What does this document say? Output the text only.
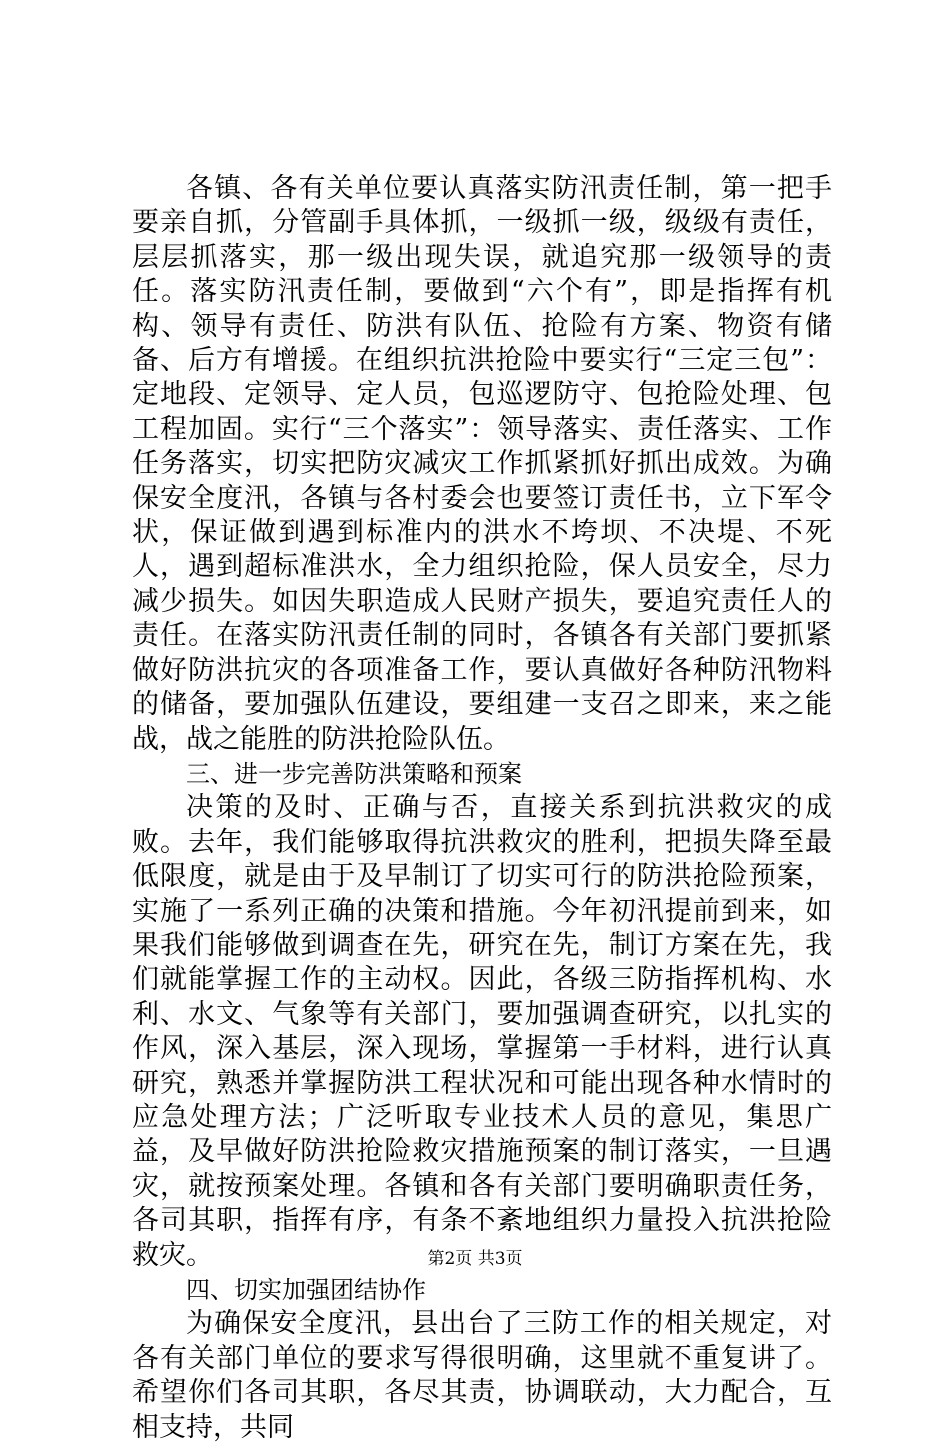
各镇、各有关单位要认真落实防汛责任制，第一把手要亲自抓，分管副手具体抓，一级抓一级，级级有责任，层层抓落实，那一级出现失误，就追究那一级领导的责任。落实防汛责任制，要做到“六个有”，即是指挥有机构、领导有责任、防洪有队伍、抢险有方案、物资有储备、后方有增援。在组织抗洪抢险中要实行“三定三包”：定地段、定领导、定人员，包巡逻防守、包抢险处理、包工程加固。实行“三个落实”：领导落实、责任落实、工作任务落实，切实把防灾减灾工作抓紧抓好抓出成效。为确保安全度汛，各镇与各村委会也要签订责任书，立下军令状，保证做到遇到标准内的洪水不垮坝、不决堤、不死人，遇到超标准洪水，全力组织抢险，保人员安全，尽力减少损失。如因失职造成人民财产损失，要追究责任人的责任。在落实防汛责任制的同时，各镇各有关部门要抓紧做好防洪抗灾的各项准备工作，要认真做好各种防汛物料的储备，要加强队伍建设，要组建一支召之即来，来之能战，战之能胜的防洪抢险队伍。

三、进一步完善防洪策略和预案

决策的及时、正确与否，直接关系到抗洪救灾的成败。去年，我们能够取得抗洪救灾的胜利，把损失降至最低限度，就是由于及早制订了切实可行的防洪抢险预案，实施了一系列正确的决策和措施。今年初汛提前到来，如果我们能够做到调查在先，研究在先，制订方案在先，我们就能掌握工作的主动权。因此，各级三防指挥机构、水利、水文、气象等有关部门，要加强调查研究，以扎实的作风，深入基层，深入现场，掌握第一手材料，进行认真研究，熟悉并掌握防洪工程状况和可能出现各种水情时的应急处理方法；广泛听取专业技术人员的意见，集思广益，及早做好防洪抢险救灾措施预案的制订落实，一旦遇灾，就按预案处理。各镇和各有关部门要明确职责任务，各司其职，指挥有序，有条不紊地组织力量投入抗洪抢险救灾。

四、切实加强团结协作

为确保安全度汛，县出台了三防工作的相关规定，对各有关部门单位的要求写得很明确，这里就不重复讲了。希望你们各司其职，各尽其责，协调联动，大力配合，互相支持，共同

第2页 共3页
